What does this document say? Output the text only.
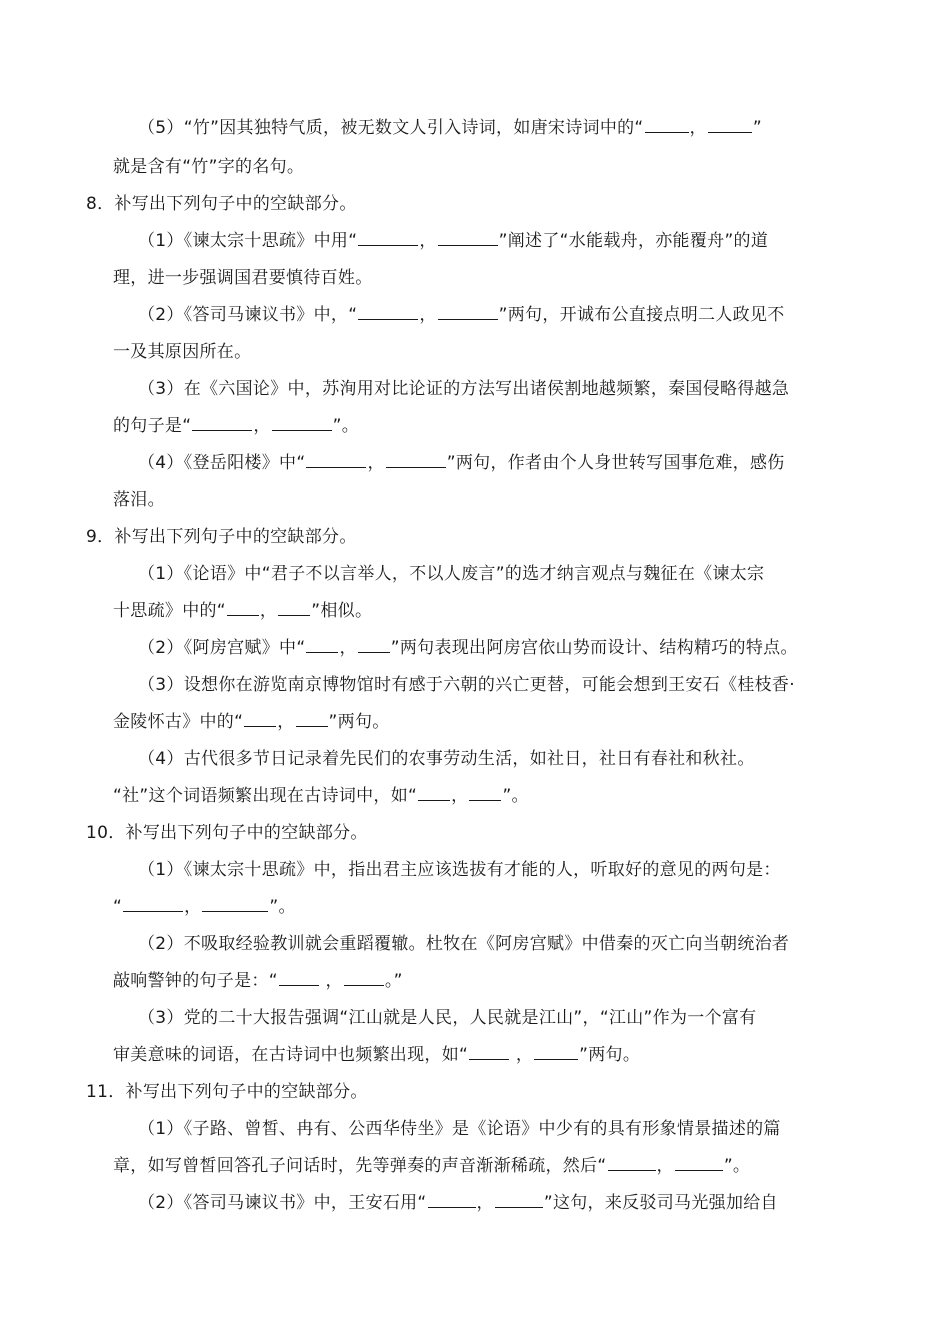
（5）“竹”因其独特气质，被无数文人引入诗词，如唐宋诗词中的“	，	”
就是含有“竹”字的名句。
8．补写出下列句子中的空缺部分。
（1）《谏太宗十思疏》中用“	，	”阐述了“水能载舟，亦能覆舟”的道
理，进一步强调国君要慎待百姓。
（2）《答司马谏议书》中，“	，	”两句，开诚布公直接点明二人政见不
一及其原因所在。
（3）在《六国论》中，苏洵用对比论证的方法写出诸侯割地越频繁，秦国侵略得越急
的句子是“	，	”。
（4）《登岳阳楼》中“	，	”两句，作者由个人身世转写国事危难，感伤
落泪。
9．补写出下列句子中的空缺部分。
（1）《论语》中“君子不以言举人，不以人废言”的选才纳言观点与魏征在《谏太宗
十思疏》中的“ ， ”相似。
（2）《阿房宫赋》中“ ， ”两句表现出阿房宫依山势而设计、结构精巧的特点。
（3）设想你在游览南京博物馆时有感于六朝的兴亡更替，可能会想到王安石《桂枝香·
金陵怀古》中的“ ， ”两句。
（4）古代很多节日记录着先民们的农事劳动生活，如社日，社日有春社和秋社。
“社”这个词语频繁出现在古诗词中，如“ ， ”。
10．补写出下列句子中的空缺部分。
（1）《谏太宗十思疏》中，指出君主应该选拔有才能的人，听取好的意见的两句是：
“	，	”。
（2）不吸取经验教训就会重蹈覆辙。杜牧在《阿房宫赋》中借秦的灭亡向当朝统治者
敲响警钟的句子是：“ ， 。”
（3）党的二十大报告强调“江山就是人民，人民就是江山”，“江山”作为一个富有
审美意味的词语，在古诗词中也频繁出现，如“ ，	”两句。
11．补写出下列句子中的空缺部分。
（1）《子路、曾皙、冉有、公西华侍坐》是《论语》中少有的具有形象情景描述的篇
章，如写曾皙回答孔子问话时，先等弹奏的声音渐渐稀疏，然后“	，	”。
（2）《答司马谏议书》中，王安石用“	，	”这句，来反驳司马光强加给自
